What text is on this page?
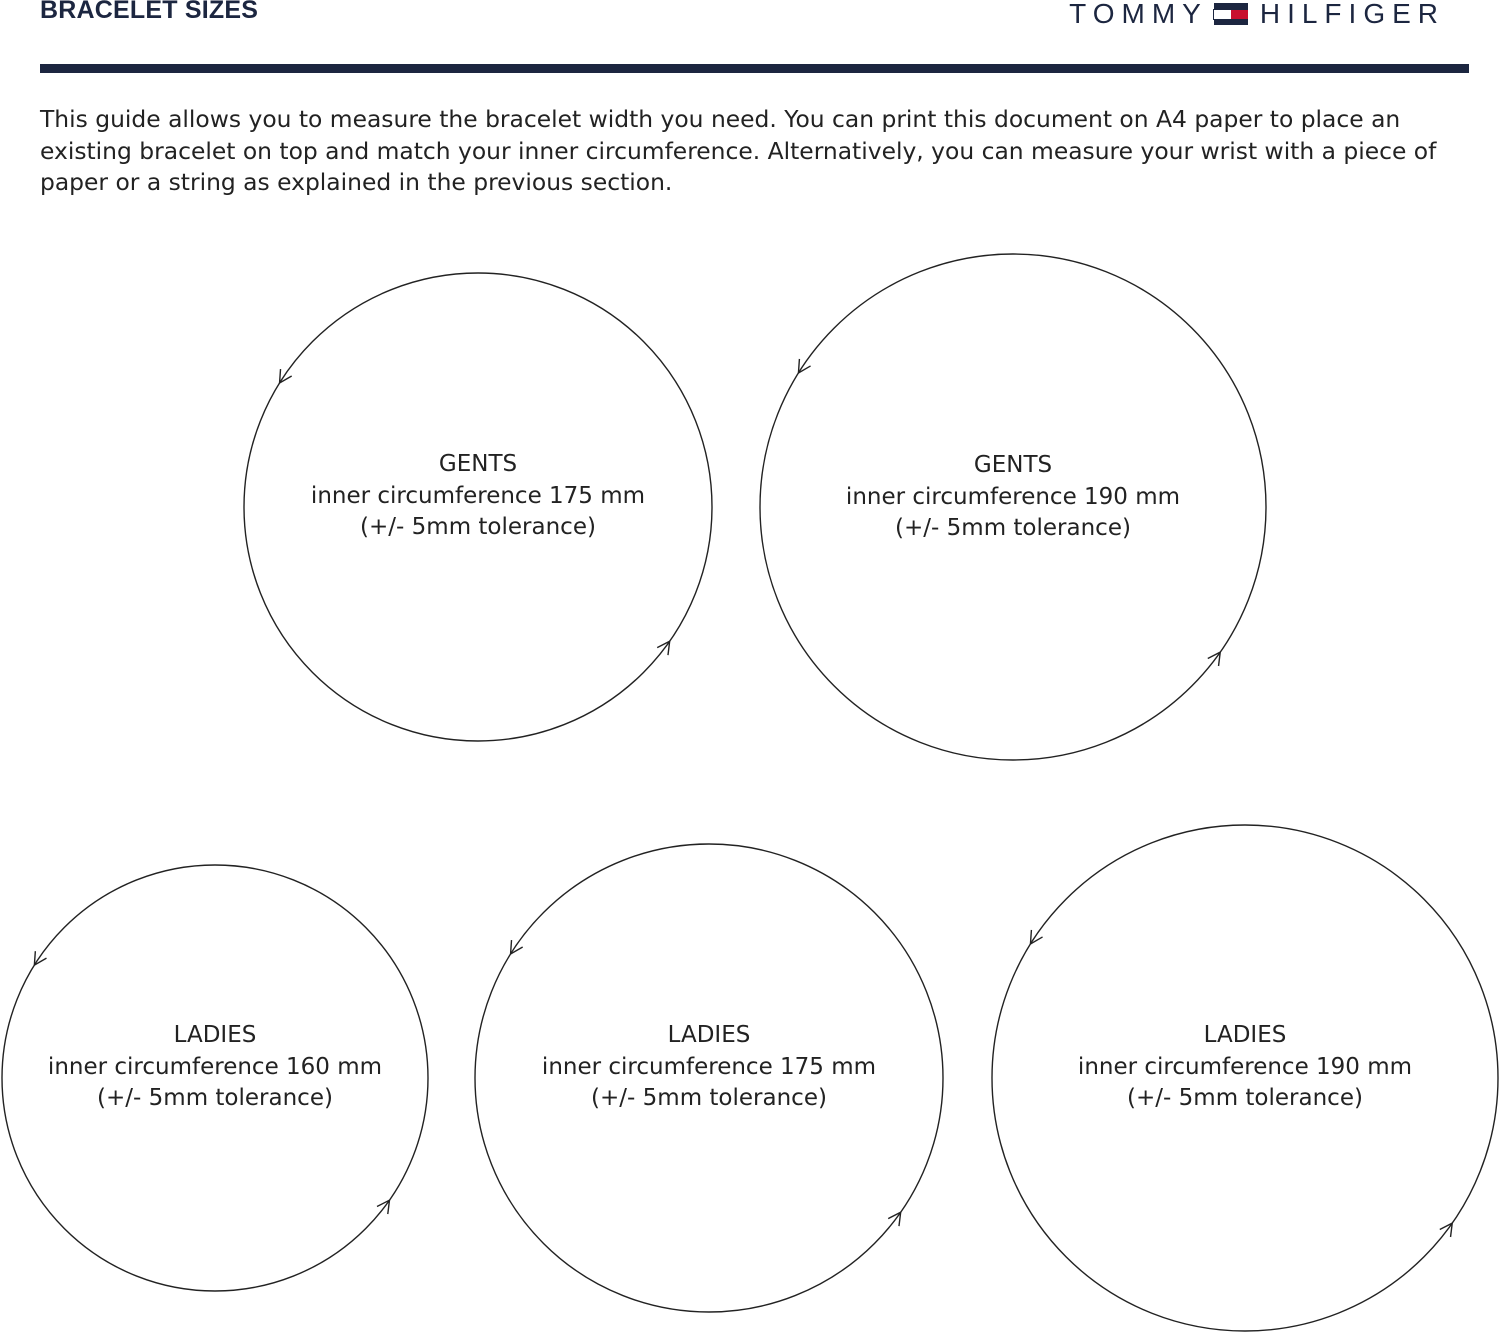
BRACELET SIZES	TOMMY HILFIGER

This guide allows you to measure the bracelet width you need. You can print this document on A4 paper to place an existing bracelet on top and match your inner circumference. Alternatively, you can measure your wrist with a piece of paper or a string as explained in the previous section.

GENTS
inner circumference 175 mm
(+/- 5mm tolerance)
GENTS
inner circumference 190 mm
(+/- 5mm tolerance)
LADIES
inner circumference 160 mm
(+/- 5mm tolerance)
LADIES
inner circumference 175 mm
(+/- 5mm tolerance)
LADIES
inner circumference 190 mm
(+/- 5mm tolerance)
